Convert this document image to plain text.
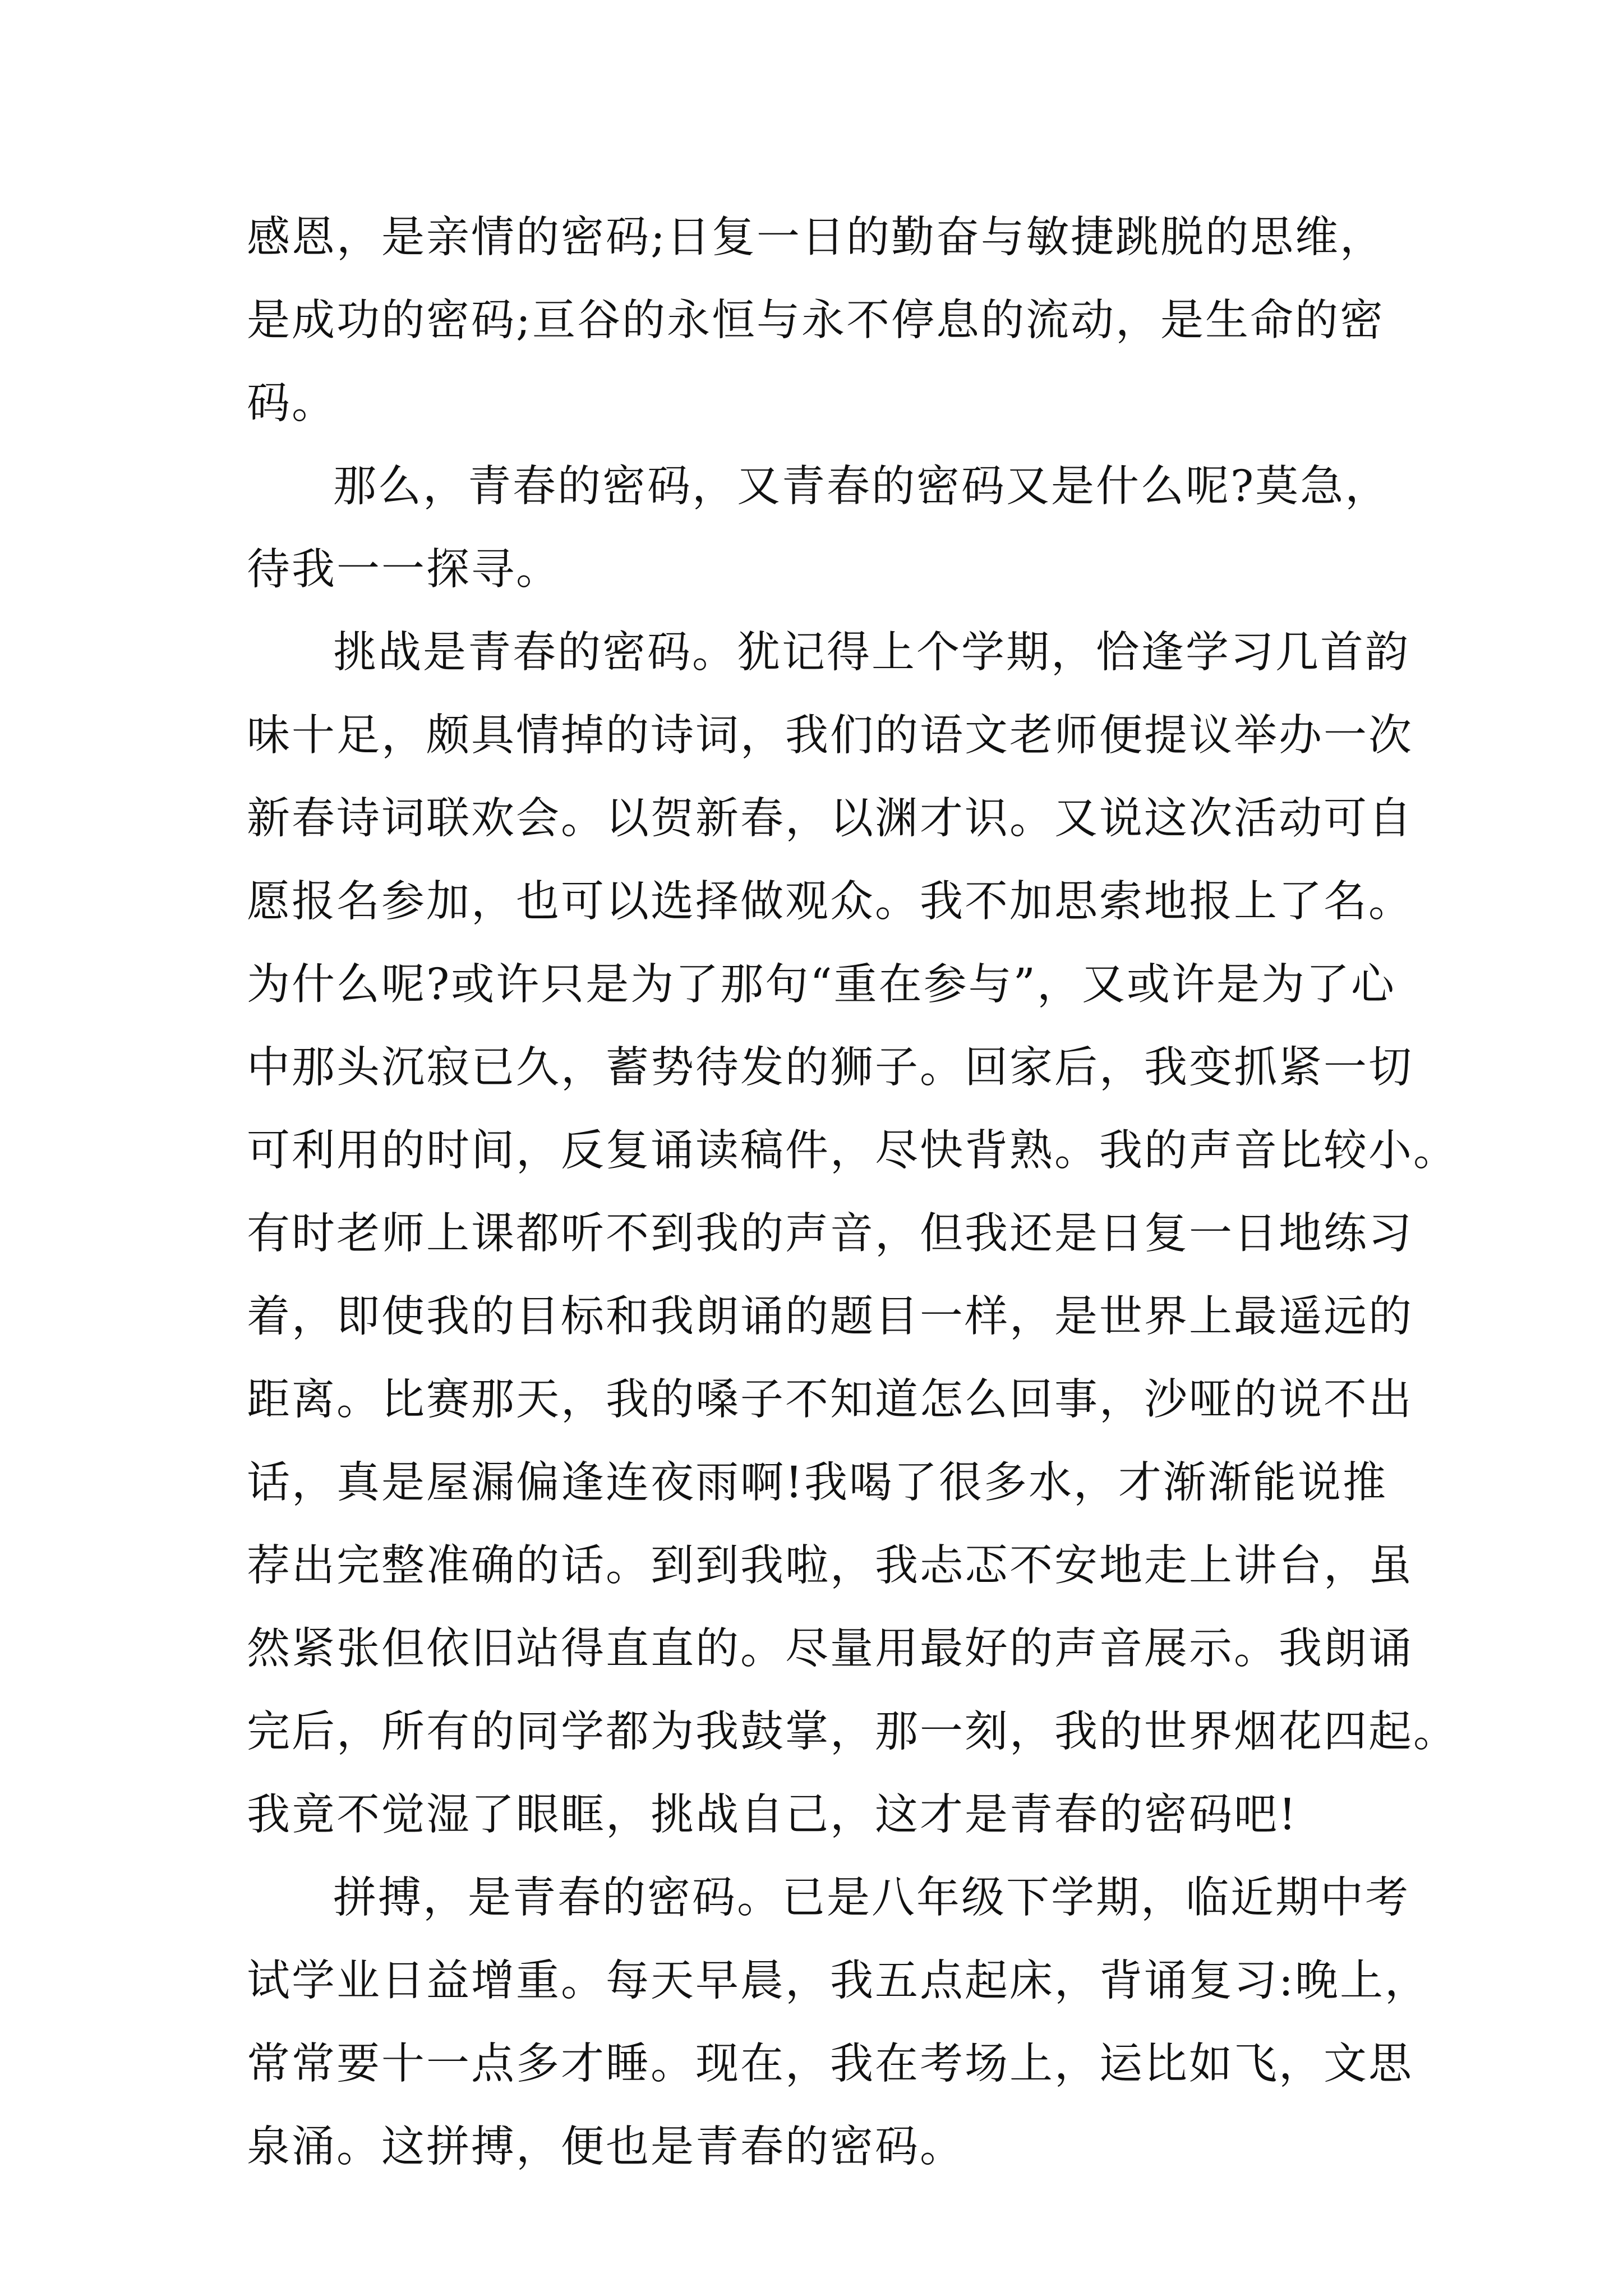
感恩，是亲情的密码;日复一日的勤奋与敏捷跳脱的思维，
是成功的密码;亘谷的永恒与永不停息的流动，是生命的密
码。
那么，青春的密码，又青春的密码又是什么呢?莫急，
待我一一探寻。
挑战是青春的密码。犹记得上个学期，恰逢学习几首韵
味十足，颇具情掉的诗词，我们的语文老师便提议举办一次
新春诗词联欢会。以贺新春，以渊才识。又说这次活动可自
愿报名参加，也可以选择做观众。我不加思索地报上了名。
为什么呢?或许只是为了那句“重在参与”，又或许是为了心
中那头沉寂已久，蓄势待发的狮子。回家后，我变抓紧一切
可利用的时间，反复诵读稿件，尽快背熟。我的声音比较小。
有时老师上课都听不到我的声音，但我还是日复一日地练习
着，即使我的目标和我朗诵的题目一样，是世界上最遥远的
距离。比赛那天，我的嗓子不知道怎么回事，沙哑的说不出
话，真是屋漏偏逢连夜雨啊!我喝了很多水，才渐渐能说推
荐出完整准确的话。到到我啦，我忐忑不安地走上讲台，虽
然紧张但依旧站得直直的。尽量用最好的声音展示。我朗诵
完后，所有的同学都为我鼓掌，那一刻，我的世界烟花四起。
我竟不觉湿了眼眶，挑战自己，这才是青春的密码吧!
拼搏，是青春的密码。已是八年级下学期，临近期中考
试学业日益增重。每天早晨，我五点起床，背诵复习:晚上，
常常要十一点多才睡。现在，我在考场上，运比如飞，文思
泉涌。这拼搏，便也是青春的密码。
